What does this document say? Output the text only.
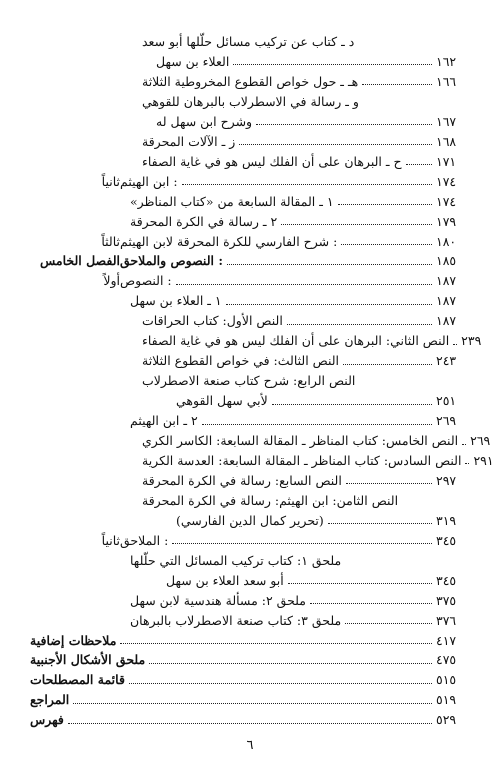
د ـ كتاب عن تركيب مسائل حلّلها أبو سعد
العلاء بن سهل	١٦٢
هـ ـ حول خواص القطوع المخروطية الثلاثة	١٦٦
و ـ رسالة في الاسطرلاب بالبرهان للقوهي
وشرح ابن سهل له	١٦٧
ز ـ الآلات المحرقة	١٦٨
ح ـ البرهان على أن الفلك ليس هو في غاية الصفاء	١٧١
ثانياً : ابن الهيثم	١٧٤
١ ـ المقالة السابعة من «كتاب المناظر»	١٧٤
٢ ـ رسالة في الكرة المحرقة	١٧٩
ثالثاً : شرح الفارسي للكرة المحرقة لابن الهيثم	١٨٠
الفصل الخامس : النصوص والملاحق	١٨٥
أولاً : النصوص	١٨٧
١ ـ العلاء بن سهل	١٨٧
النص الأول: كتاب الحراقات	١٨٧
النص الثاني: البرهان على أن الفلك ليس هو في غاية الصفاء ٢٣٩
النص الثالث: في خواص القطوع الثلاثة	٢٤٣
النص الرابع: شرح كتاب صنعة الاصطرلاب
لأبي سهل القوهي	٢٥١
٢ ـ ابن الهيثم	٢٦٩
النص الخامس: كتاب المناظر ـ المقالة السابعة: الكاسر الكري ٢٦٩
النص السادس: كتاب المناظر ـ المقالة السابعة: العدسة الكرية ٢٩١
النص السابع: رسالة في الكرة المحرقة	٢٩٧
النص الثامن: ابن الهيثم: رسالة في الكرة المحرقة
(تحرير كمال الدين الفارسي)	٣١٩
ثانياً : الملاحق	٣٤٥
ملحق ١: كتاب تركيب المسائل التي حلّلها
أبو سعد العلاء بن سهل	٣٤٥
ملحق ٢: مسألة هندسية لابن سهل	٣٧٥
ملحق ٣: كتاب صنعة الاصطرلاب بالبرهان	٣٧٦
ملاحظات إضافية	٤١٧
ملحق الأشكال الأجنبية	٤٧٥
قائمة المصطلحات	٥١٥
المراجع	٥١٩
فهرس	٥٢٩
٦
